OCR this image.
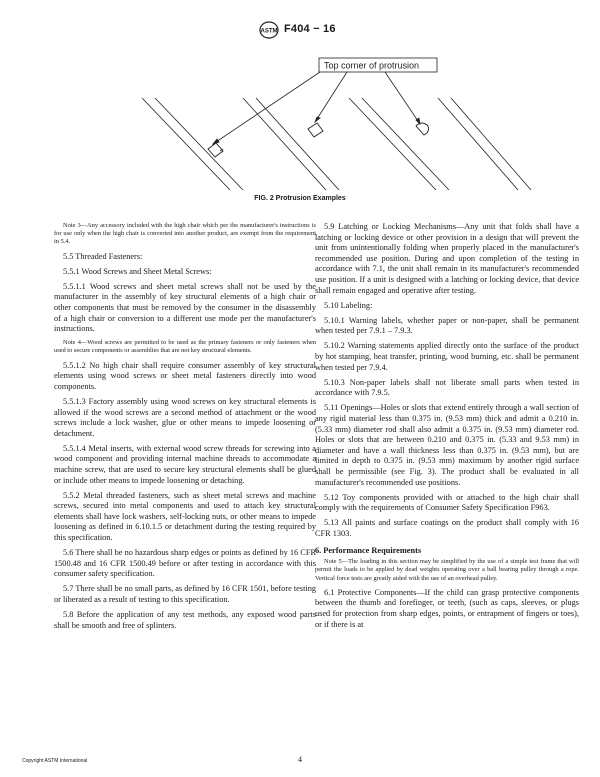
ASTM F404 − 16
Top corner of protrusion
FIG. 2 Protrusion Examples

Note 3—Any accessory included with the high chair which per the manufacturer's instructions is for use only when the high chair is converted into another product, are exempt from the requirement in 5.4.

5.5 Threaded Fasteners:

5.5.1 Wood Screws and Sheet Metal Screws:

5.5.1.1 Wood screws and sheet metal screws shall not be used by the manufacturer in the assembly of key structural elements of a high chair or other components that must be removed by the consumer in the disassembly of a high chair or conversion to a different use mode per the manufacturer's instructions.

Note 4—Wood screws are permitted to be used as the primary fasteners or only fasteners when used to secure components or assemblies that are not key structural elements.

5.5.1.2 No high chair shall require consumer assembly of key structural elements using wood screws or sheet metal fasteners directly into wood components.

5.5.1.3 Factory assembly using wood screws on key structural elements is allowed if the wood screws are a second method of attachment or the wood screws include a lock washer, glue or other means to impede loosening or detachment.

5.5.1.4 Metal inserts, with external wood screw threads for screwing into a wood component and providing internal machine threads to accommodate a machine screw, that are used to secure key structural elements shall be glued or include other means to impede loosening or detaching.

5.5.2 Metal threaded fasteners, such as sheet metal screws and machine screws, secured into metal components and used to attach key structural elements shall have lock washers, self-locking nuts, or other means to impede loosening as defined in 6.10.1.5 or detachment during the testing required by this specification.

5.6 There shall be no hazardous sharp edges or points as defined by 16 CFR 1500.48 and 16 CFR 1500.49 before or after testing in accordance with this consumer safety specification.

5.7 There shall be no small parts, as defined by 16 CFR 1501, before testing or liberated as a result of testing to this specification.

5.8 Before the application of any test methods, any exposed wood parts shall be smooth and free of splinters.

5.9 Latching or Locking Mechanisms—Any unit that folds shall have a latching or locking device or other provision in a design that will prevent the unit from unintentionally folding when properly placed in the manufacturer's recommended use position. During and upon completion of the testing in accordance with 7.1, the unit shall remain in its manufacturer's recommended use position. If a unit is designed with a latching or locking device, that device shall remain engaged and operative after testing.

5.10 Labeling:

5.10.1 Warning labels, whether paper or non-paper, shall be permanent when tested per 7.9.1 – 7.9.3.

5.10.2 Warning statements applied directly onto the surface of the product by hot stamping, heat transfer, printing, wood burning, etc. shall be permanent when tested per 7.9.4.

5.10.3 Non-paper labels shall not liberate small parts when tested in accordance with 7.9.5.

5.11 Openings—Holes or slots that extend entirely through a wall section of any rigid material less than 0.375 in. (9.53 mm) thick and admit a 0.210 in. (5.33 mm) diameter rod shall also admit a 0.375 in. (9.53 mm) diameter rod. Holes or slots that are between 0.210 and 0.375 in. (5.33 and 9.53 mm) in diameter and have a wall thickness less than 0.375 in. (9.53 mm), but are limited in depth to 0.375 in. (9.53 mm) maximum by another rigid surface shall be permissible (see Fig. 3). The product shall be evaluated in all manufacturer's recommended use positions.

5.12 Toy components provided with or attached to the high chair shall comply with the requirements of Consumer Safety Specification F963.

5.13 All paints and surface coatings on the product shall comply with 16 CFR 1303.

6. Performance Requirements

Note 5—The loading in this section may be simplified by the use of a simple test frame that will permit the loads to be applied by dead weights operating over a ball bearing pulley through a rope. Vertical force tests are greatly aided with the use of an overhead pulley.

6.1 Protective Components—If the child can grasp protective components between the thumb and forefinger, or teeth, (such as caps, sleeves, or plugs used for protection from sharp edges, points, or entrapment of fingers or toes), or if there is at

Copyright ASTM International	4
